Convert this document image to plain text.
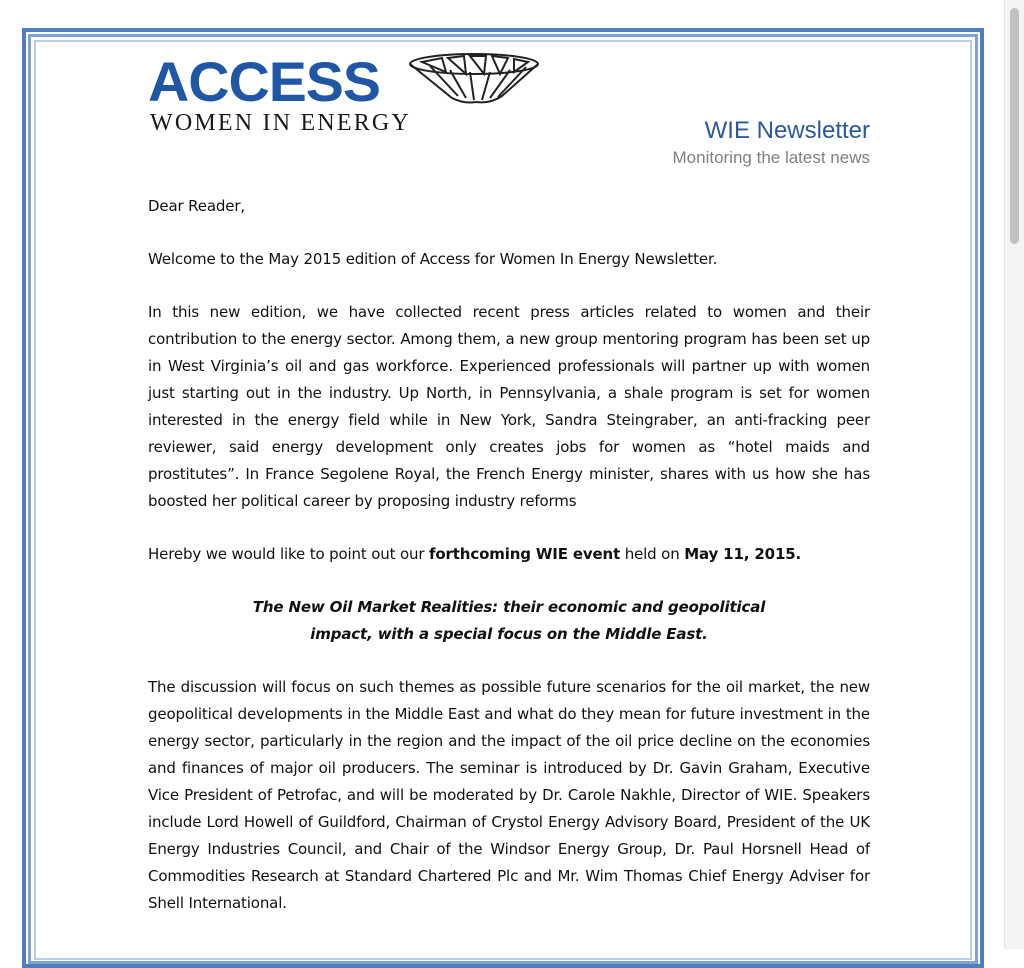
ACCESS
WOMEN IN ENERGY	WIE Newsletter
Monitoring the latest news

Dear Reader,

Welcome to the May 2015 edition of Access for Women In Energy Newsletter.

In this new edition, we have collected recent press articles related to women and their contribution to the energy sector. Among them, a new group mentoring program has been set up in West Virginia’s oil and gas workforce. Experienced professionals will partner up with women just starting out in the industry. Up North, in Pennsylvania, a shale program is set for women interested in the energy field while in New York, Sandra Steingraber, an anti-fracking peer reviewer, said energy development only creates jobs for women as “hotel maids and prostitutes”. In France Segolene Royal, the French Energy minister, shares with us how she has boosted her political career by proposing industry reforms

Hereby we would like to point out our forthcoming WIE event held on May 11, 2015.

The New Oil Market Realities: their economic and geopolitical
impact, with a special focus on the Middle East.

The discussion will focus on such themes as possible future scenarios for the oil market, the new geopolitical developments in the Middle East and what do they mean for future investment in the energy sector, particularly in the region and the impact of the oil price decline on the economies and finances of major oil producers. The seminar is introduced by Dr. Gavin Graham, Executive Vice President of Petrofac, and will be moderated by Dr. Carole Nakhle, Director of WIE. Speakers include Lord Howell of Guildford, Chairman of Crystol Energy Advisory Board, President of the UK Energy Industries Council, and Chair of the Windsor Energy Group, Dr. Paul Horsnell Head of Commodities Research at Standard Chartered Plc and Mr. Wim Thomas Chief Energy Adviser for Shell International.
